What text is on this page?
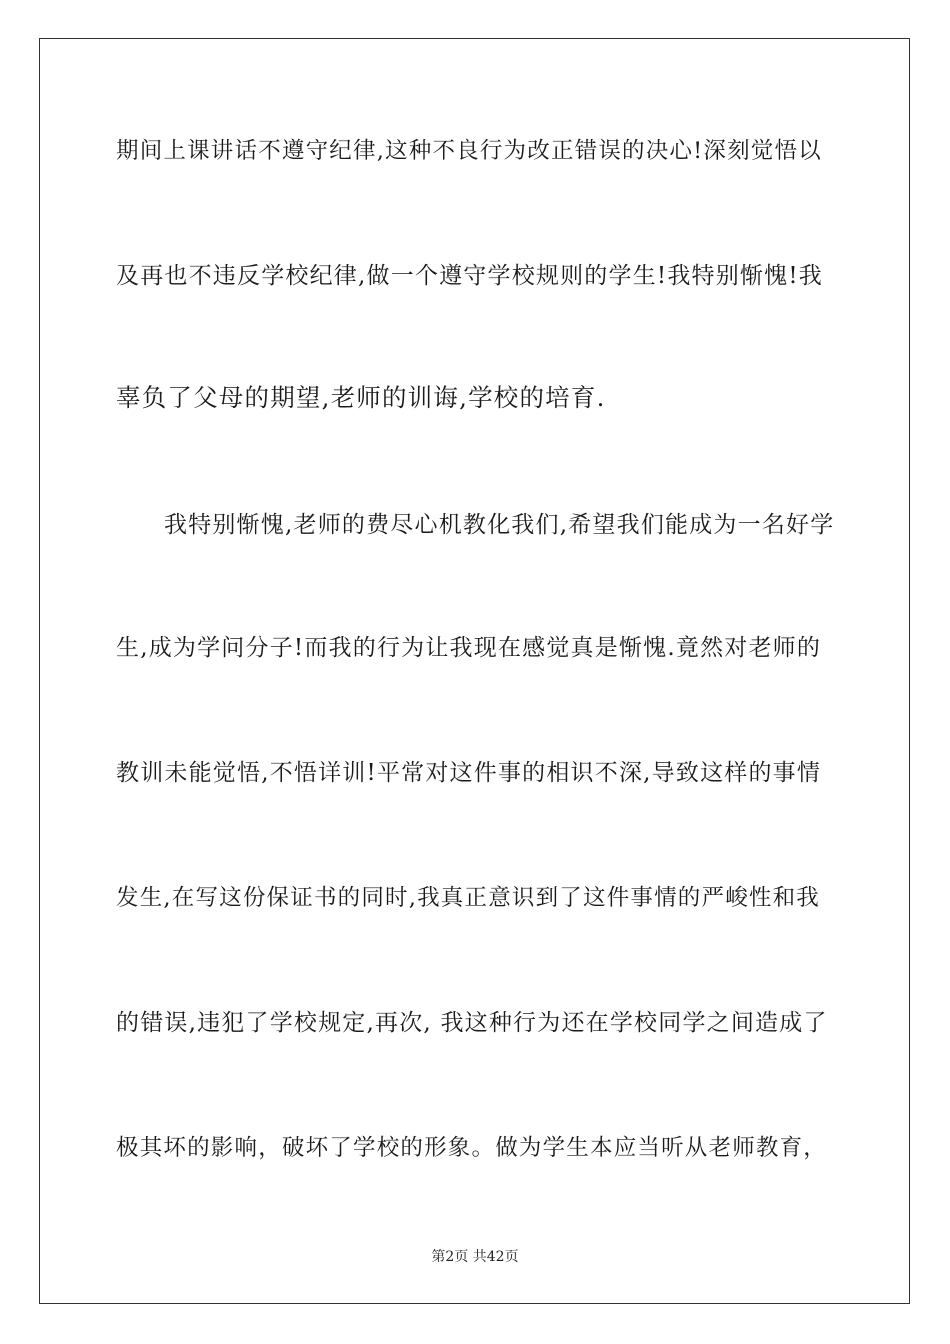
期间上课讲话不遵守纪律,这种不良行为改正错误的决心!深刻觉悟以
及再也不违反学校纪律,做一个遵守学校规则的学生!我特别惭愧!我
辜负了父母的期望,老师的训诲,学校的培育.
我特别惭愧,老师的费尽心机教化我们,希望我们能成为一名好学
生,成为学问分子!而我的行为让我现在感觉真是惭愧.竟然对老师的
教训未能觉悟,不悟详训!平常对这件事的相识不深,导致这样的事情
发生,在写这份保证书的同时,我真正意识到了这件事情的严峻性和我
的错误,违犯了学校规定,再次, 我这种行为还在学校同学之间造成了
极其坏的影响，破坏了学校的形象。做为学生本应当听从老师教育，
第2页 共42页
